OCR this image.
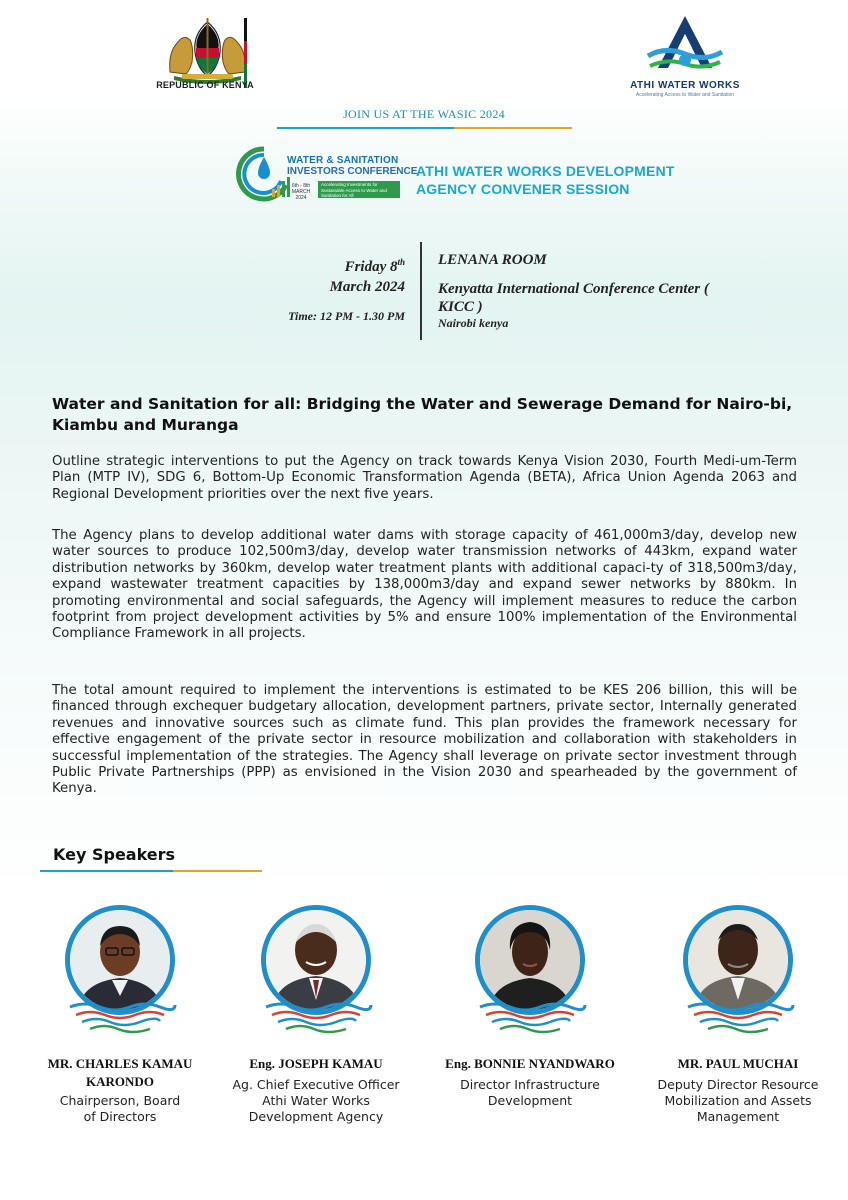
REPUBLIC OF KENYA	ATHI WATER WORKS
Accelerating Access to Water and Sanitation
JOIN US AT THE WASIC 2024
WATER & SANITATION
INVESTORS CONFERENCE
6th - 8th MARCH 2024
Accelerating Investments for Sustainable Access to Water and Sanitation for All
ATHI WATER WORKS DEVELOPMENT AGENCY CONVENER SESSION
Friday 8th
March 2024
Time: 12 PM - 1.30 PM
LENANA ROOM
Kenyatta International Conference Center ( KICC )
Nairobi kenya
Water and Sanitation for all: Bridging the Water and Sewerage Demand for Nairo-bi, Kiambu and Muranga
Outline strategic interventions to put the Agency on track towards Kenya Vision 2030, Fourth Medi-um-Term Plan (MTP IV), SDG 6, Bottom-Up Economic Transformation Agenda (BETA), Africa Union Agenda 2063 and Regional Development priorities over the next five years.
The Agency plans to develop additional water dams with storage capacity of 461,000m3/day, develop new water sources to produce 102,500m3/day, develop water transmission networks of 443km, expand water distribution networks by 360km, develop water treatment plants with additional capaci-ty of 318,500m3/day, expand wastewater treatment capacities by 138,000m3/day and expand sewer networks by 880km. In promoting environmental and social safeguards, the Agency will implement measures to reduce the carbon footprint from project development activities by 5% and ensure 100% implementation of the Environmental Compliance Framework in all projects.
The total amount required to implement the interventions is estimated to be KES 206 billion, this will be financed through exchequer budgetary allocation, development partners, private sector, Internally generated revenues and innovative sources such as climate fund. This plan provides the framework necessary for effective engagement of the private sector in resource mobilization and collaboration with stakeholders in successful implementation of the strategies. The Agency shall leverage on private sector investment through Public Private Partnerships (PPP) as envisioned in the Vision 2030 and spearheaded by the government of Kenya.
Key Speakers
MR. CHARLES KAMAU KARONDO
Chairperson, Board of Directors
Eng. JOSEPH KAMAU
Ag. Chief Executive Officer Athi Water Works Development Agency
Eng. BONNIE NYANDWARO
Director Infrastructure Development
MR. PAUL MUCHAI
Deputy Director Resource Mobilization and Assets Management
